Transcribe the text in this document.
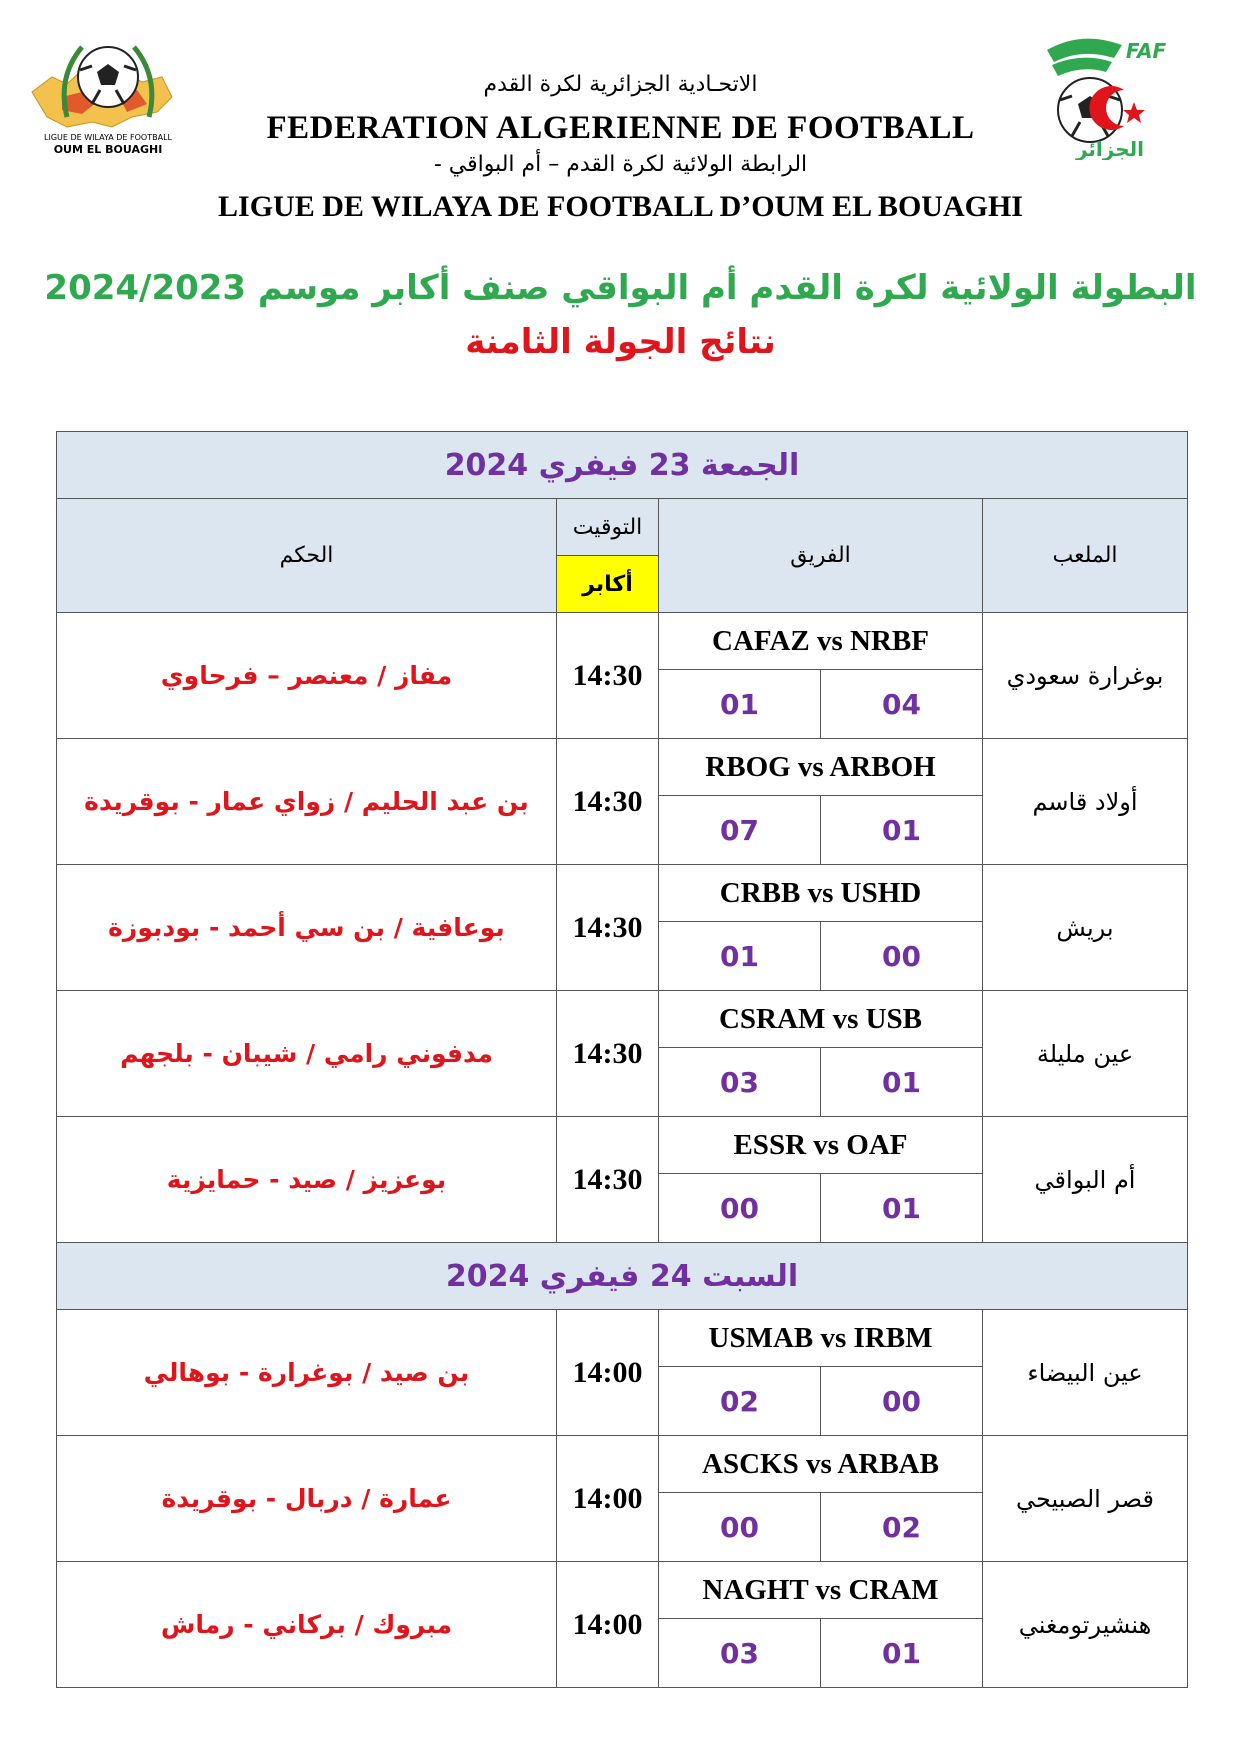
LIGUE DE WILAYA DE FOOTBALL
OUM EL BOUAGHI
FAF
الجزائر
الاتحـادية الجزائرية لكرة القدم
FEDERATION ALGERIENNE DE FOOTBALL
الرابطة الولائية لكرة القدم – أم البواقي -
LIGUE DE WILAYA DE FOOTBALL D’OUM EL BOUAGHI
البطولة الولائية لكرة القدم أم البواقي صنف أكابر موسم 2024/2023
نتائج الجولة الثامنة
الجمعة 23 فيفري 2024				
الحكم	التوقيت	الفريق		الملعب
	أكابر			
مفاز / معنصر – فرحاوي	14:30	CAFAZ vs NRBF		بوغرارة سعودي
		01	04	
بن عبد الحليم / زواي عمار - بوقريدة	14:30	RBOG vs ARBOH		أولاد قاسم
		07	01	
بوعافية / بن سي أحمد - بودبوزة	14:30	CRBB vs USHD		بريش
		01	00	
مدفوني رامي / شيبان - بلجهم	14:30	CSRAM vs USB		عين مليلة
		03	01	
بوعزيز / صيد - حمايزية	14:30	ESSR vs OAF		أم البواقي
		00	01	
السبت 24 فيفري 2024				
بن صيد / بوغرارة - بوهالي	14:00	USMAB vs IRBM		عين البيضاء
		02	00	
عمارة / دربال - بوقريدة	14:00	ASCKS vs ARBAB		قصر الصبيحي
		00	02	
مبروك / بركاني - رماش	14:00	NAGHT vs CRAM		هنشيرتومغني
		03	01	
